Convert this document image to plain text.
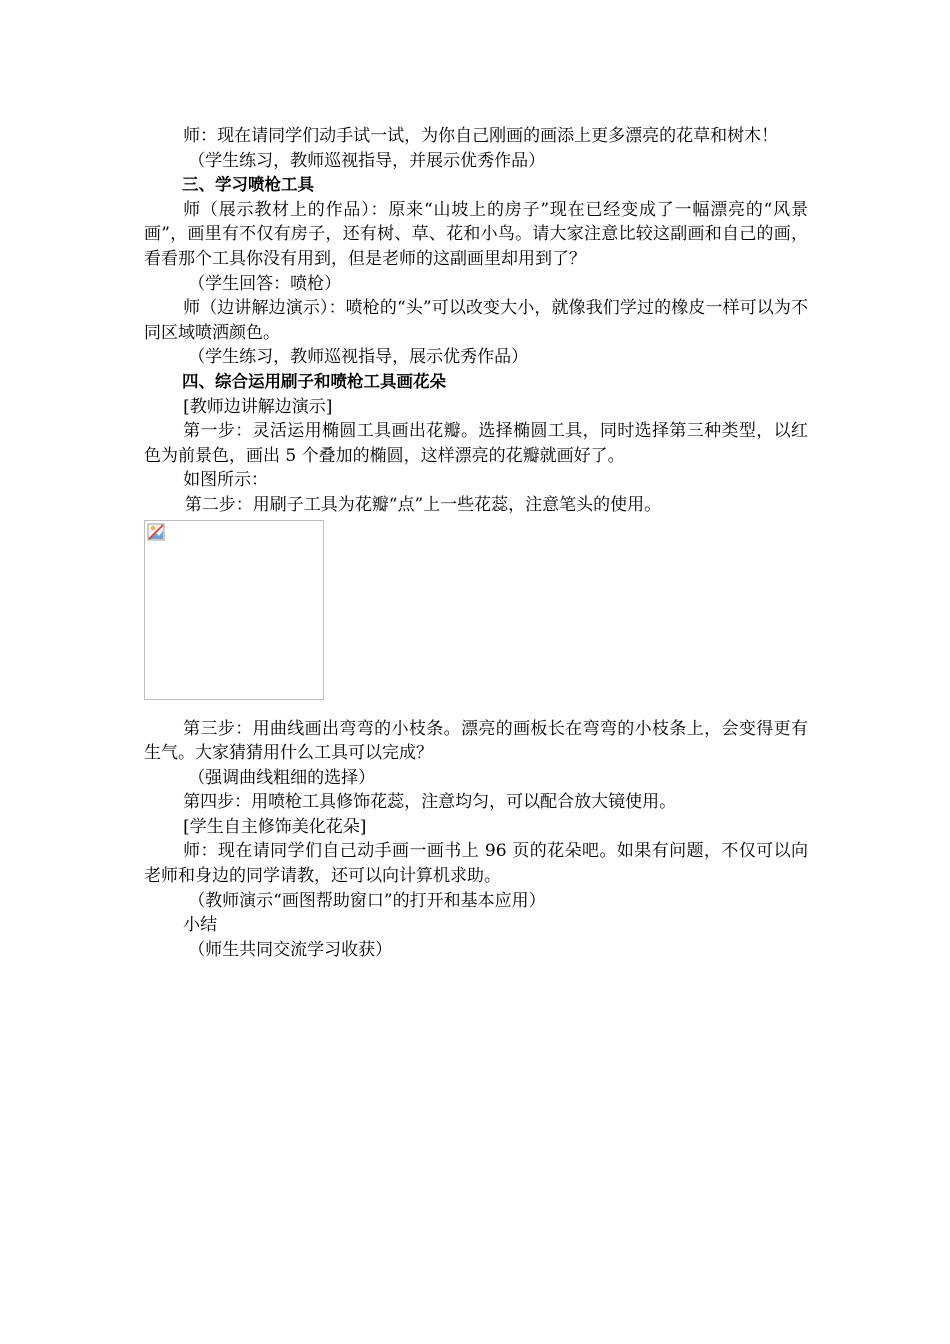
师：现在请同学们动手试一试，为你自己刚画的画添上更多漂亮的花草和树木！

（学生练习，教师巡视指导，并展示优秀作品）

三、学习喷枪工具

师（展示教材上的作品）：原来“山坡上的房子”现在已经变成了一幅漂亮的“风景画”，画里有不仅有房子，还有树、草、花和小鸟。请大家注意比较这副画和自己的画，看看那个工具你没有用到，但是老师的这副画里却用到了？

（学生回答：喷枪）

师（边讲解边演示）：喷枪的“头”可以改变大小，就像我们学过的橡皮一样可以为不同区域喷洒颜色。

（学生练习，教师巡视指导，展示优秀作品）

四、综合运用刷子和喷枪工具画花朵

[教师边讲解边演示]

第一步：灵活运用椭圆工具画出花瓣。选择椭圆工具，同时选择第三种类型，以红色为前景色，画出 5 个叠加的椭圆，这样漂亮的花瓣就画好了。

如图所示：

第二步：用刷子工具为花瓣“点”上一些花蕊，注意笔头的使用。

第三步：用曲线画出弯弯的小枝条。漂亮的画板长在弯弯的小枝条上，会变得更有生气。大家猜猜用什么工具可以完成？

（强调曲线粗细的选择）

第四步：用喷枪工具修饰花蕊，注意均匀，可以配合放大镜使用。

[学生自主修饰美化花朵]

师：现在请同学们自己动手画一画书上 96 页的花朵吧。如果有问题，不仅可以向老师和身边的同学请教，还可以向计算机求助。

（教师演示“画图帮助窗口”的打开和基本应用）

小结

（师生共同交流学习收获）
